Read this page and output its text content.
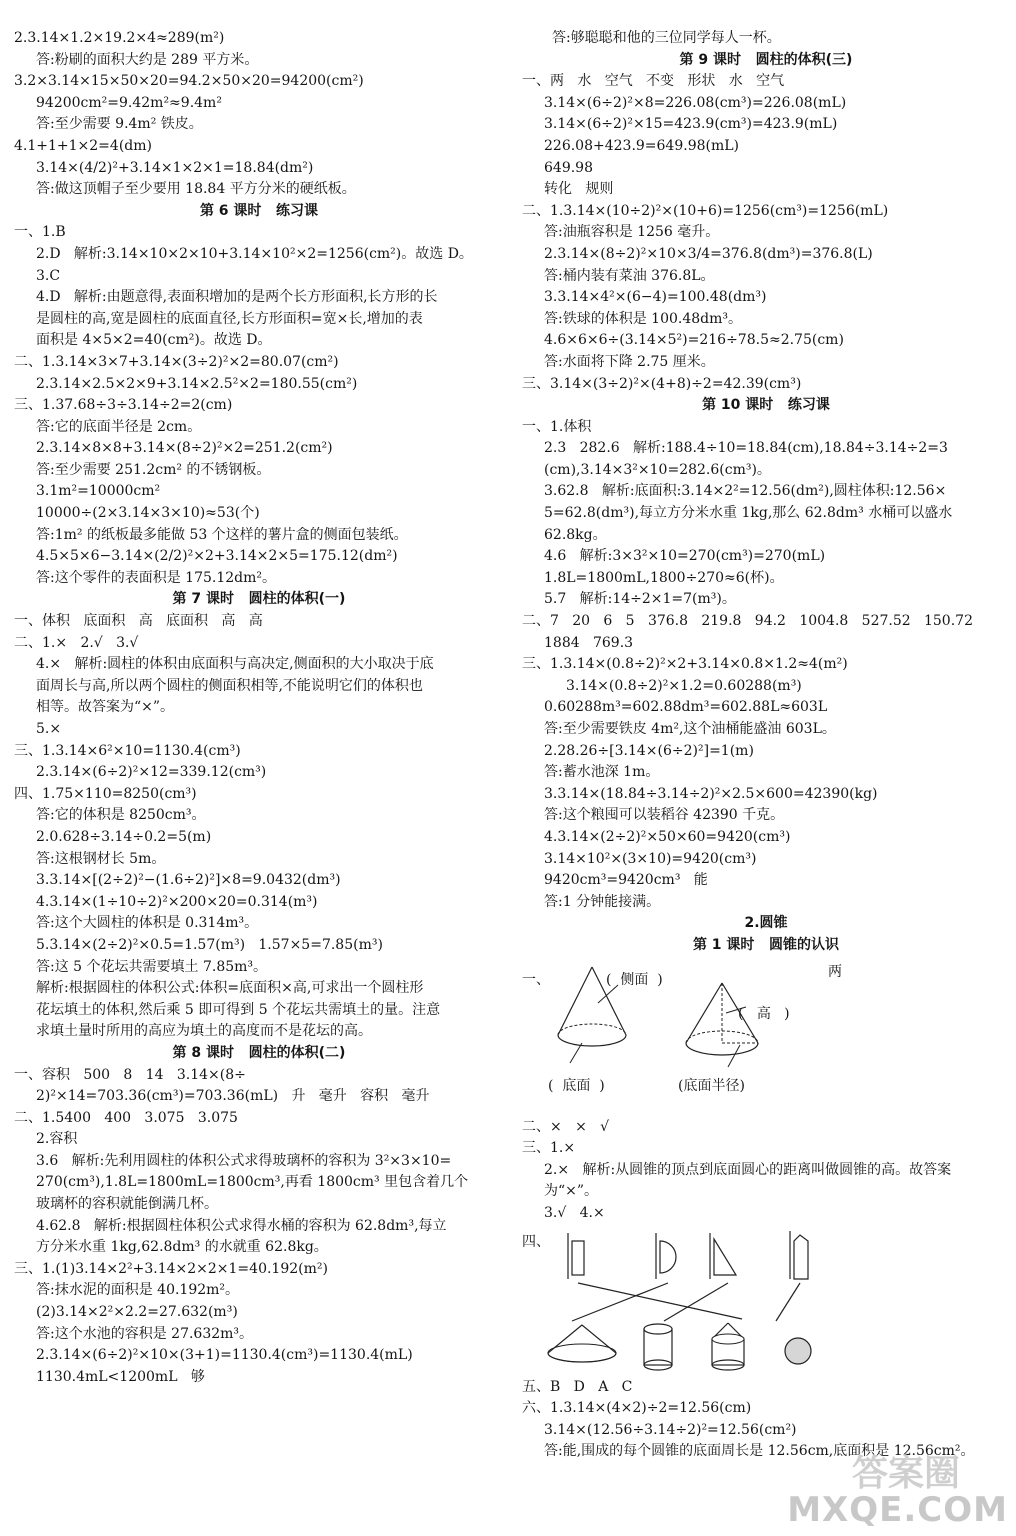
2.3.14×1.2×19.2×4≈289(m²)

答:粉刷的面积大约是 289 平方米。

3.2×3.14×15×50×20=94.2×50×20=94200(cm²)

94200cm²=9.42m²≈9.4m²

答:至少需要 9.4m² 铁皮。

4.1+1+1×2=4(dm)

3.14×(4/2)²+3.14×1×2×1=18.84(dm²)

答:做这顶帽子至少要用 18.84 平方分米的硬纸板。

第 6 课时   练习课

一、1.B

2.D   解析:3.14×10×2×10+3.14×10²×2=1256(cm²)。故选 D。

3.C

4.D   解析:由题意得,表面积增加的是两个长方形面积,长方形的长

是圆柱的高,宽是圆柱的底面直径,长方形面积=宽×长,增加的表

面积是 4×5×2=40(cm²)。故选 D。

二、1.3.14×3×7+3.14×(3÷2)²×2=80.07(cm²)

2.3.14×2.5×2×9+3.14×2.5²×2=180.55(cm²)

三、1.37.68÷3÷3.14÷2=2(cm)

答:它的底面半径是 2cm。

2.3.14×8×8+3.14×(8÷2)²×2=251.2(cm²)

答:至少需要 251.2cm² 的不锈钢板。

3.1m²=10000cm²

10000÷(2×3.14×3×10)≈53(个)

答:1m² 的纸板最多能做 53 个这样的薯片盒的侧面包装纸。

4.5×5×6−3.14×(2/2)²×2+3.14×2×5=175.12(dm²)

答:这个零件的表面积是 175.12dm²。

第 7 课时   圆柱的体积(一)

一、体积   底面积   高   底面积   高   高

二、1.×   2.√   3.√

4.×   解析:圆柱的体积由底面积与高决定,侧面积的大小取决于底

面周长与高,所以两个圆柱的侧面积相等,不能说明它们的体积也

相等。故答案为“×”。

5.×

三、1.3.14×6²×10=1130.4(cm³)

2.3.14×(6÷2)²×12=339.12(cm³)

四、1.75×110=8250(cm³)

答:它的体积是 8250cm³。

2.0.628÷3.14÷0.2=5(m)

答:这根钢材长 5m。

3.3.14×[(2÷2)²−(1.6÷2)²]×8=9.0432(dm³)

4.3.14×(1÷10÷2)²×200×20=0.314(m³)

答:这个大圆柱的体积是 0.314m³。

5.3.14×(2÷2)²×0.5=1.57(m³)   1.57×5=7.85(m³)

答:这 5 个花坛共需要填土 7.85m³。

解析:根据圆柱的体积公式:体积=底面积×高,可求出一个圆柱形

花坛填土的体积,然后乘 5 即可得到 5 个花坛共需填土的量。注意

求填土量时所用的高应为填土的高度而不是花坛的高。

第 8 课时   圆柱的体积(二)

一、容积   500   8   14   3.14×(8÷

2)²×14=703.36(cm³)=703.36(mL)   升   毫升   容积   毫升

二、1.5400   400   3.075   3.075

2.容积

3.6   解析:先利用圆柱的体积公式求得玻璃杯的容积为 3²×3×10=

270(cm³),1.8L=1800mL=1800cm³,再看 1800cm³ 里包含着几个

玻璃杯的容积就能倒满几杯。

4.62.8   解析:根据圆柱体积公式求得水桶的容积为 62.8dm³,每立

方分米水重 1kg,62.8dm³ 的水就重 62.8kg。

三、1.(1)3.14×2²+3.14×2×2×1=40.192(m²)

答:抹水泥的面积是 40.192m²。

(2)3.14×2²×2.2=27.632(m³)

答:这个水池的容积是 27.632m³。

2.3.14×(6÷2)²×10×(3+1)=1130.4(cm³)=1130.4(mL)

1130.4mL<1200mL   够

答:够聪聪和他的三位同学每人一杯。

第 9 课时   圆柱的体积(三)

一、两   水   空气   不变   形状   水   空气

3.14×(6÷2)²×8=226.08(cm³)=226.08(mL)

3.14×(6÷2)²×15=423.9(cm³)=423.9(mL)

226.08+423.9=649.98(mL)

649.98

转化   规则

二、1.3.14×(10÷2)²×(10+6)=1256(cm³)=1256(mL)

答:油瓶容积是 1256 毫升。

2.3.14×(8÷2)²×10×3/4=376.8(dm³)=376.8(L)

答:桶内装有菜油 376.8L。

3.3.14×4²×(6−4)=100.48(dm³)

答:铁球的体积是 100.48dm³。

4.6×6×6÷(3.14×5²)=216÷78.5≈2.75(cm)

答:水面将下降 2.75 厘米。

三、3.14×(3÷2)²×(4+8)÷2=42.39(cm³)

第 10 课时   练习课

一、1.体积

2.3   282.6   解析:188.4÷10=18.84(cm),18.84÷3.14÷2=3

(cm),3.14×3²×10=282.6(cm³)。

3.62.8   解析:底面积:3.14×2²=12.56(dm²),圆柱体积:12.56×

5=62.8(dm³),每立方分米水重 1kg,那么 62.8dm³ 水桶可以盛水

62.8kg。

4.6   解析:3×3²×10=270(cm³)=270(mL)

1.8L=1800mL,1800÷270≈6(杯)。

5.7   解析:14÷2×1=7(m³)。

二、7   20   6   5   376.8   219.8   94.2   1004.8   527.52   150.72

1884   769.3

三、1.3.14×(0.8÷2)²×2+3.14×0.8×1.2≈4(m²)

3.14×(0.8÷2)²×1.2=0.60288(m³)

0.60288m³=602.88dm³=602.88L≈603L

答:至少需要铁皮 4m²,这个油桶能盛油 603L。

2.28.26÷[3.14×(6÷2)²]=1(m)

答:蓄水池深 1m。

3.3.14×(18.84÷3.14÷2)²×2.5×600=42390(kg)

答:这个粮囤可以装稻谷 42390 千克。

4.3.14×(2÷2)²×50×60=9420(cm³)

3.14×10²×(3×10)=9420(cm³)

9420cm³=9420cm³   能

答:1 分钟能接满。

2.圆锥

第 1 课时   圆锥的认识

一、	(  侧面  )
(   高   )
(  底面  )	(底面半径)
两

二、×   ×   √

三、1.×

2.×   解析:从圆锥的顶点到底面圆心的距离叫做圆锥的高。故答案

为“×”。

3.√   4.×

四、

五、B   D   A   C

六、1.3.14×(4×2)÷2=12.56(cm)

3.14×(12.56÷3.14÷2)²=12.56(cm²)

答:能,围成的每个圆锥的底面周长是 12.56cm,底面积是 12.56cm²。

答案圈
MXQE.COM
